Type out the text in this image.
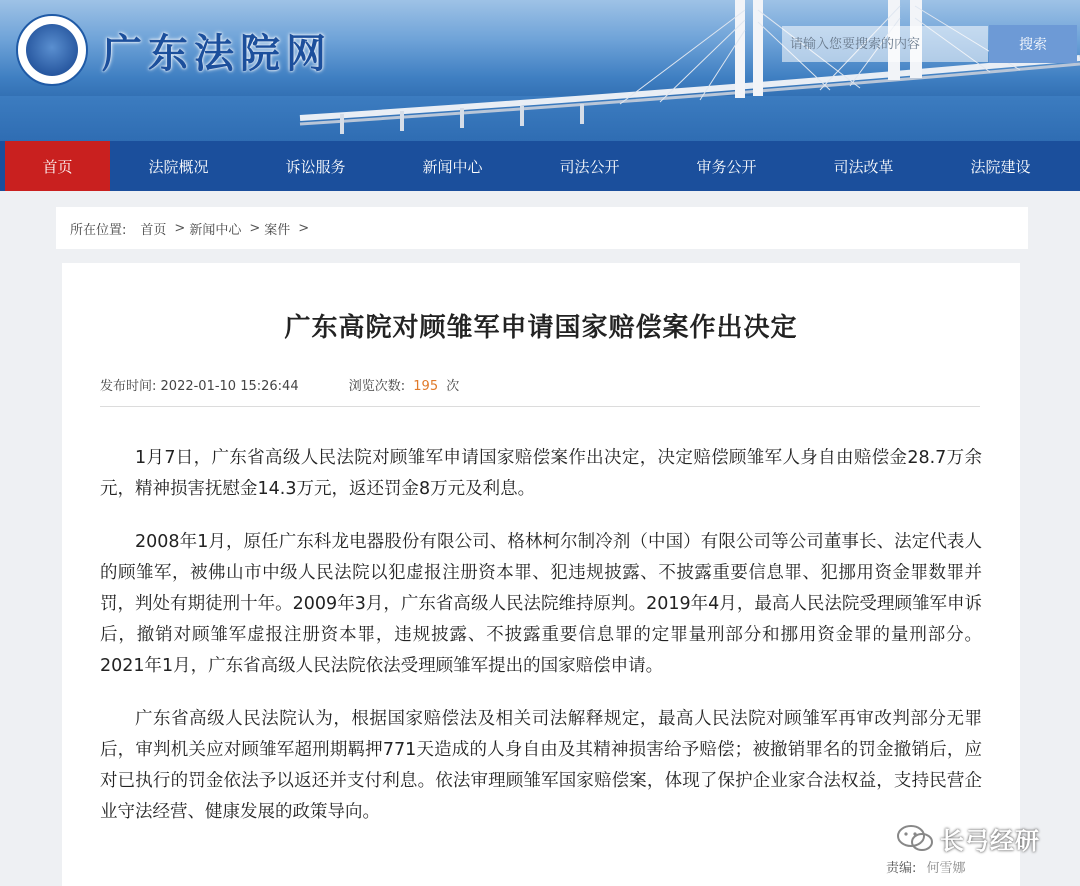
广东法院网
请输入您要搜索的内容	搜索
首页	法院概况	诉讼服务	新闻中心	司法公开	审务公开	司法改革	法院建设
所在位置: 首页 > 新闻中心 > 案件 >
广东高院对顾雏军申请国家赔偿案作出决定
发布时间: 2022-01-10 15:26:44	浏览次数: 195 次

1月7日，广东省高级人民法院对顾雏军申请国家赔偿案作出决定，决定赔偿顾雏军人身自由赔偿金28.7万余元，精神损害抚慰金14.3万元，返还罚金8万元及利息。

2008年1月，原任广东科龙电器股份有限公司、格林柯尔制冷剂（中国）有限公司等公司董事长、法定代表人的顾雏军，被佛山市中级人民法院以犯虚报注册资本罪、犯违规披露、不披露重要信息罪、犯挪用资金罪数罪并罚，判处有期徒刑十年。2009年3月，广东省高级人民法院维持原判。2019年4月，最高人民法院受理顾雏军申诉后，撤销对顾雏军虚报注册资本罪，违规披露、不披露重要信息罪的定罪量刑部分和挪用资金罪的量刑部分。2021年1月，广东省高级人民法院依法受理顾雏军提出的国家赔偿申请。

广东省高级人民法院认为，根据国家赔偿法及相关司法解释规定，最高人民法院对顾雏军再审改判部分无罪后，审判机关应对顾雏军超刑期羁押771天造成的人身自由及其精神损害给予赔偿；被撤销罪名的罚金撤销后，应对已执行的罚金依法予以返还并支付利息。依法审理顾雏军国家赔偿案，体现了保护企业家合法权益，支持民营企业守法经营、健康发展的政策导向。

长弓经研
责编: 何雪娜
